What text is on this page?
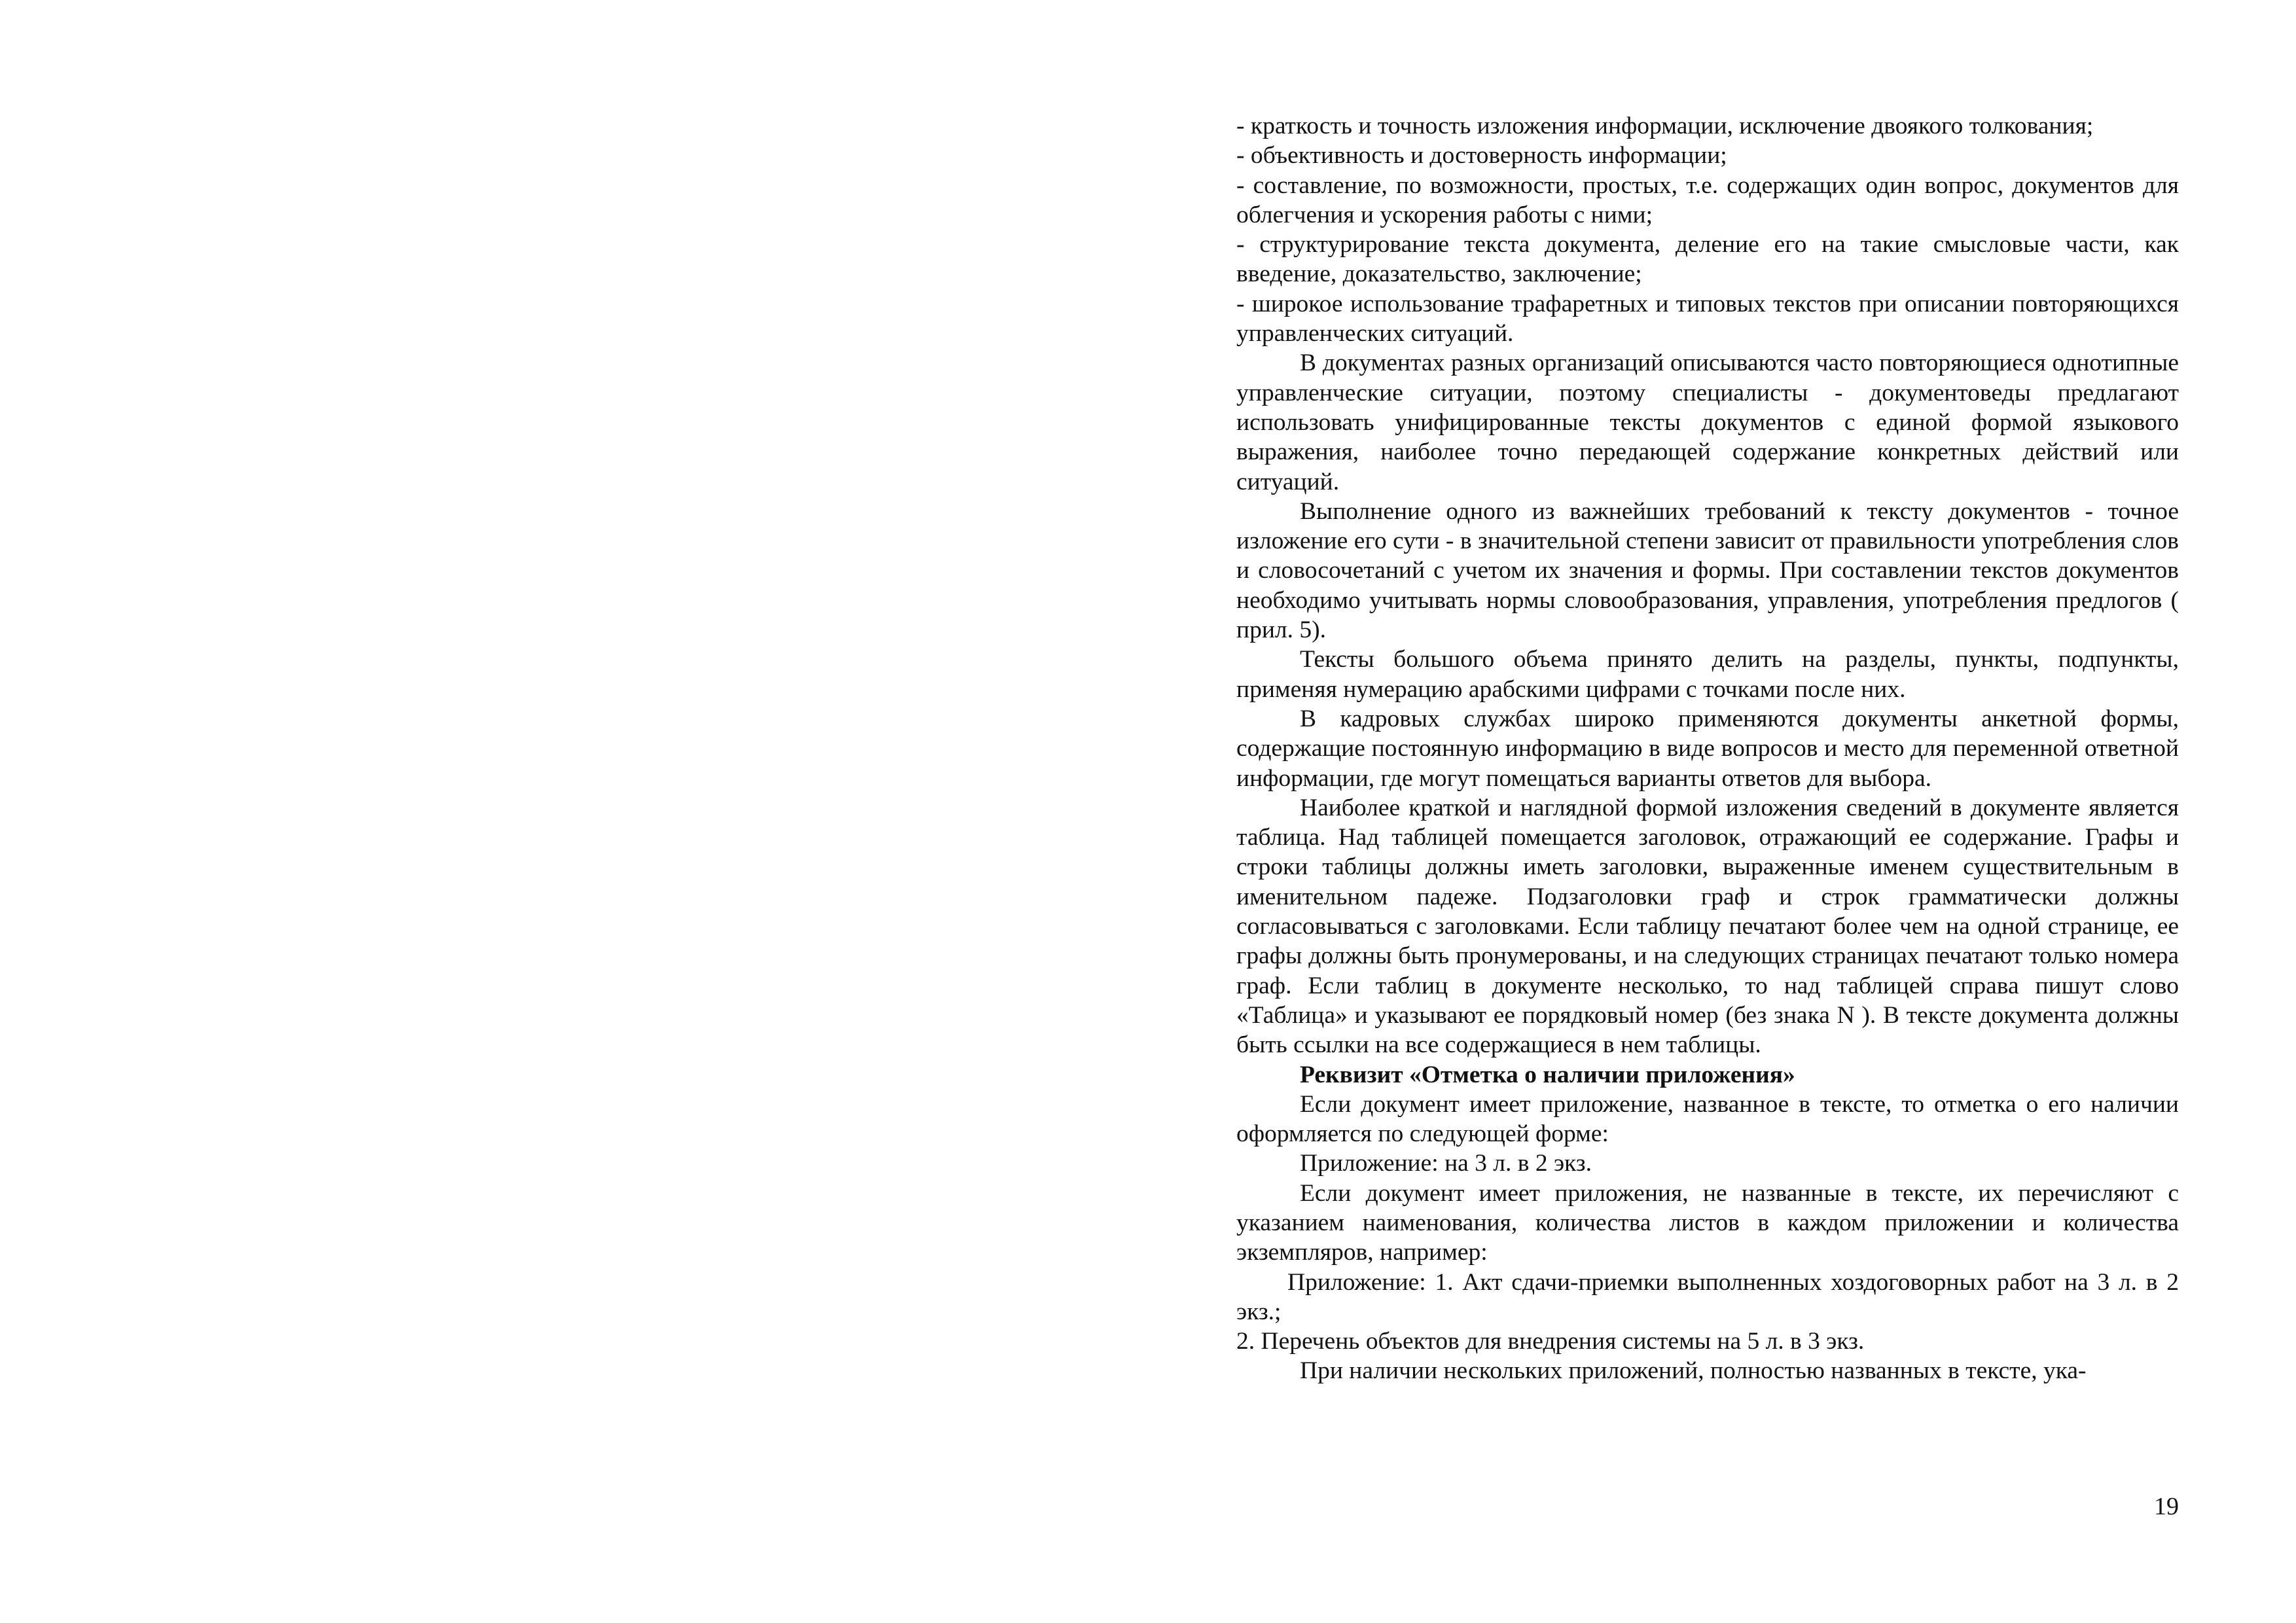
- краткость и точность изложения информации, исключение двоякого толкования;

- объективность и достоверность информации;

- составление, по возможности, простых, т.е. содержащих один вопрос, документов для облегчения и ускорения работы с ними;

- структурирование текста документа, деление его на такие смысловые части, как введение, доказательство, заключение;

- широкое использование трафаретных и типовых текстов при описании повторяющихся управленческих ситуаций.

В документах разных организаций описываются часто повторяющиеся однотипные управленческие ситуации, поэтому специалисты - документоведы предлагают использовать унифицированные тексты документов с единой формой языкового выражения, наиболее точно передающей содержание конкретных действий или ситуаций.

Выполнение одного из важнейших требований к тексту документов - точное изложение его сути - в значительной степени зависит от правильности употребления слов и словосочетаний с учетом их значения и формы. При составлении текстов документов необходимо учитывать нормы словообразования, управления, употребления предлогов ( прил. 5).

Тексты большого объема принято делить на разделы, пункты, подпункты, применяя нумерацию арабскими цифрами с точками после них.

В кадровых службах широко применяются документы анкетной формы, содержащие постоянную информацию в виде вопросов и место для переменной ответной информации, где могут помещаться варианты ответов для выбора.

Наиболее краткой и наглядной формой изложения сведений в документе является таблица. Над таблицей помещается заголовок, отражающий ее содержание. Графы и строки таблицы должны иметь заголовки, выраженные именем существительным в именительном падеже. Подзаголовки граф и строк грамматически должны согласовываться с заголовками. Если таблицу печатают более чем на одной странице, ее графы должны быть пронумерованы, и на следующих страницах печатают только номера граф. Если таблиц в документе несколько, то над таблицей справа пишут слово «Таблица» и указывают ее порядковый номер (без знака N ). В тексте документа должны быть ссылки на все содержащиеся в нем таблицы.

Реквизит «Отметка о наличии приложения»

Если документ имеет приложение, названное в тексте, то отметка о его наличии оформляется по следующей форме:

Приложение: на 3 л. в 2 экз.

Если документ имеет приложения, не названные в тексте, их перечисляют с указанием наименования, количества листов в каждом приложении и количества экземпляров, например:

Приложение: 1. Акт сдачи-приемки выполненных хоздоговорных работ на 3 л. в 2 экз.;

2. Перечень объектов для внедрения системы на 5 л. в 3 экз.

При наличии нескольких приложений, полностью названных в тексте, ука-

19
